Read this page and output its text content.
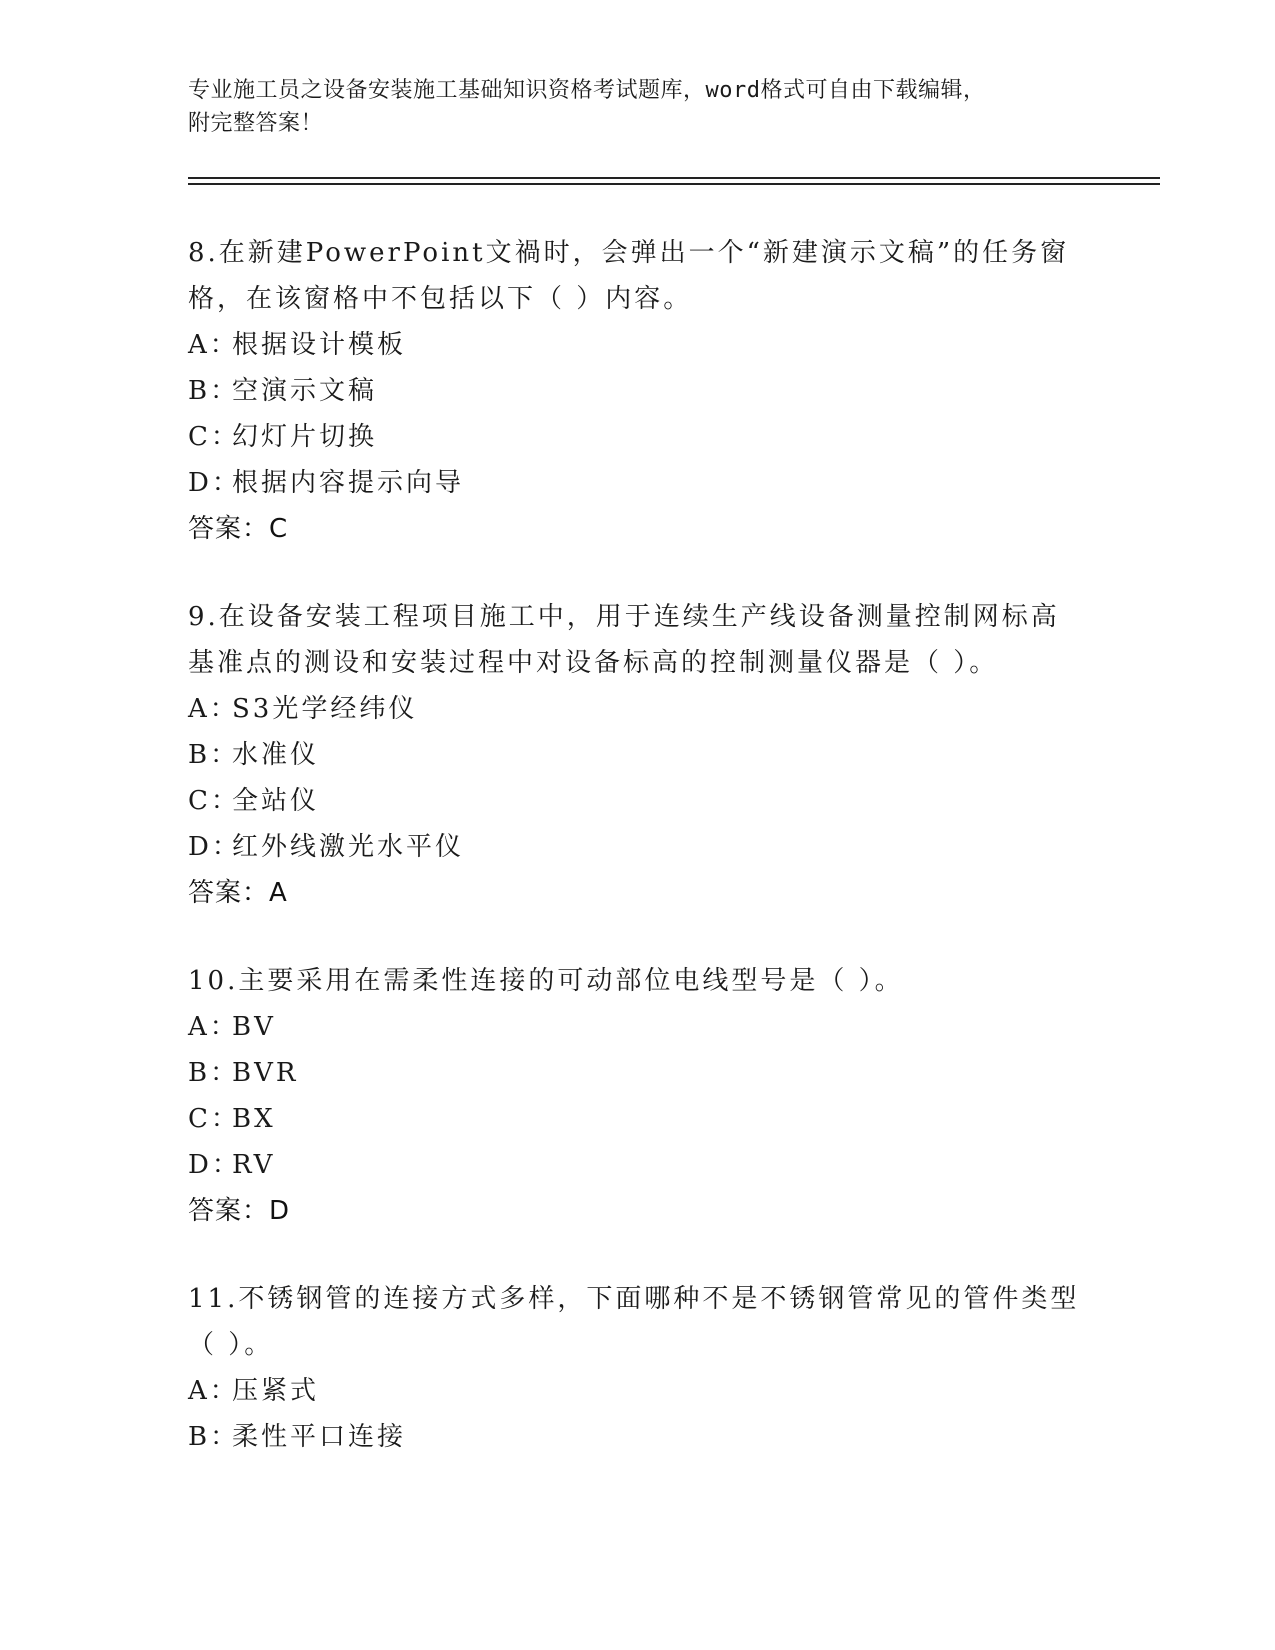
专业施工员之设备安装施工基础知识资格考试题库，word格式可自由下载编辑，
附完整答案！

8.在新建PowerPoint文禍时，会弹出一个“新建演示文稿”的任务窗格，在该窗格中不包括以下（ ）内容。

A：根据设计模板

B：空演示文稿

C：幻灯片切换

D：根据内容提示向导

答案：C

9.在设备安装工程项目施工中，用于连续生产线设备测量控制网标高基准点的测设和安装过程中对设备标高的控制测量仪器是（ ）。

A：S3光学经纬仪

B：水准仪

C：全站仪

D：红外线激光水平仪

答案：A

10.主要采用在需柔性连接的可动部位电线型号是（ ）。

A：BV

B：BVR

C：BX

D：RV

答案：D

11.不锈钢管的连接方式多样，下面哪种不是不锈钢管常见的管件类型（ ）。

A：压紧式

B：柔性平口连接
